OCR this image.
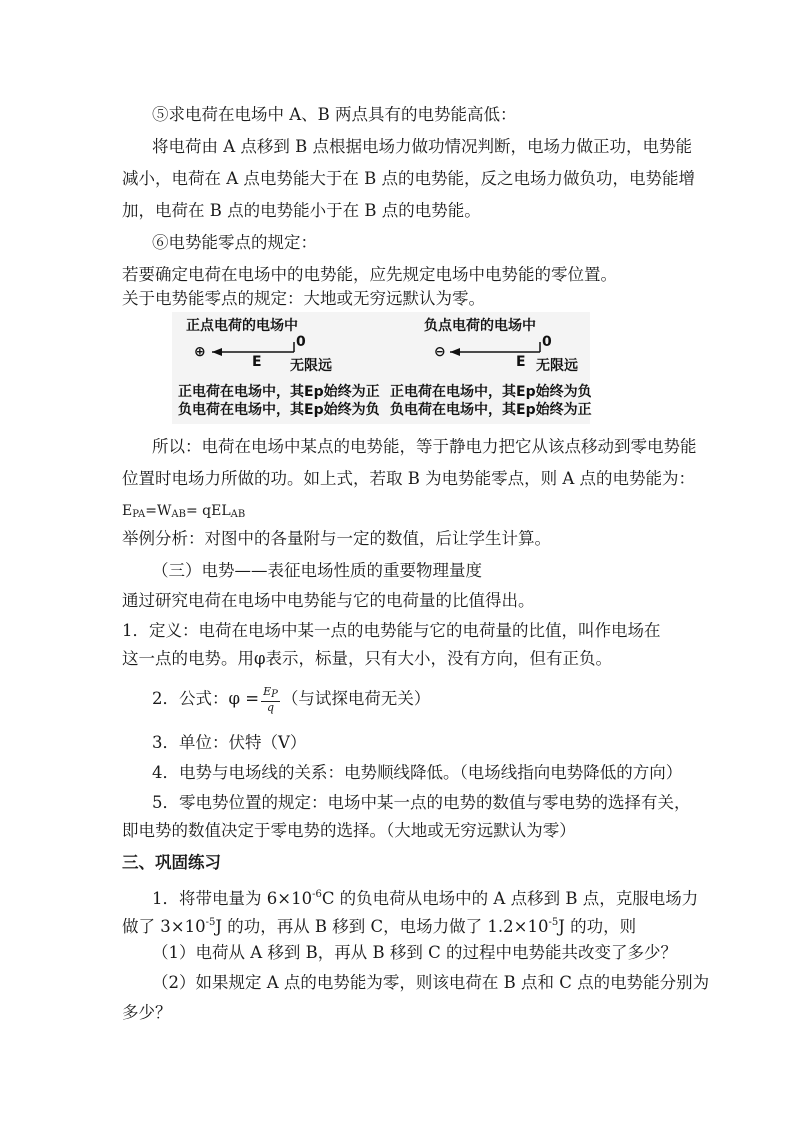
⑤求电荷在电场中 A、B 两点具有的电势能高低：
将电荷由 A 点移到 B 点根据电场力做功情况判断，电场力做正功，电势能
减小，电荷在 A 点电势能大于在 B 点的电势能，反之电场力做负功，电势能增
加，电荷在 B 点的电势能小于在 B 点的电势能。
⑥电势能零点的规定：
若要确定电荷在电场中的电势能，应先规定电场中电势能的零位置。
关于电势能零点的规定：大地或无穷远默认为零。
正点电荷的电场中
⊕
E
0
无限远
正电荷在电场中，其Ep始终为正
负电荷在电场中，其Ep始终为负
负点电荷的电场中
⊖
E
0
无限远
正电荷在电场中，其Ep始终为负
负电荷在电场中，其Ep始终为正
所以：电荷在电场中某点的电势能，等于静电力把它从该点移动到零电势能
位置时电场力所做的功。如上式，若取 B 为电势能零点，则 A 点的电势能为：
$E_{PA}=W_{AB}= qEL_{AB}$
举例分析：对图中的各量附与一定的数值，后让学生计算。
（三）电势——表征电场性质的重要物理量度
通过研究电荷在电场中电势能与它的电荷量的比值得出。
1．定义：电荷在电场中某一点的电势能与它的电荷量的比值，叫作电场在
这一点的电势。用φ表示，标量，只有大小，没有方向，但有正负。
2．公式：$\varphi = \frac{E_P}{q}$ （与试探电荷无关）
3．单位：伏特（V）
4．电势与电场线的关系：电势顺线降低。（电场线指向电势降低的方向）
5．零电势位置的规定：电场中某一点的电势的数值与零电势的选择有关，
即电势的数值决定于零电势的选择。（大地或无穷远默认为零）
三、巩固练习
1．将带电量为 $6\times 10^{-6}C$ 的负电荷从电场中的 A 点移到 B 点，克服电场力
做了 $3\times 10^{-5}J$ 的功，再从 B 移到 C，电场力做了 $1.2\times 10^{-5}J$ 的功，则
（1）电荷从 A 移到 B，再从 B 移到 C 的过程中电势能共改变了多少？
（2）如果规定 A 点的电势能为零，则该电荷在 B 点和 C 点的电势能分别为
多少？
